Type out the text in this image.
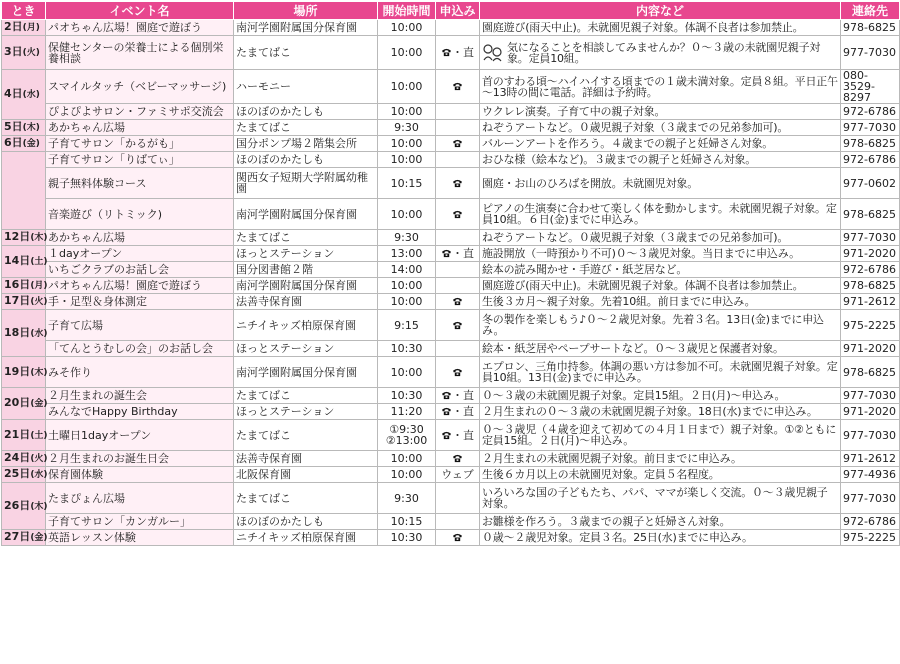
とき	イベント名	場所	開始時間	申込み	内容など	連絡先
2日(月)	パオちゃん広場！園庭で遊ぼう	南河学園附属国分保育園	10:00		園庭遊び(雨天中止)。未就園児親子対象。体調不良者は参加禁止。	978-6825
3日(火)	保健センターの栄養士による個別栄養相談	たまてばこ	10:00	・直	気になることを相談してみませんか？０～３歳の未就園児親子対象。定員10組。	977-7030
4日(水)	スマイルタッチ（ベビーマッサージ)	ハーモニー	10:00		首のすわる頃～ハイハイする頃までの１歳未満対象。定員８組。平日正午～13時の間に電話。詳細は予約時。	080-3529-8297
	ぴよぴよサロン・ファミサポ交流会	ほのぼのかたしも	10:00		ウクレレ演奏。子育て中の親子対象。	972-6786
5日(木)	あかちゃん広場	たまてばこ	9:30		ねぞうアートなど。０歳児親子対象（３歳までの兄弟参加可)。	977-7030
6日(金)	子育てサロン「かるがも」	国分ポンプ場２階集会所	10:00		バルーンアートを作ろう。４歳までの親子と妊婦さん対象。	978-6825
	子育てサロン「りばてぃ」	ほのぼのかたしも	10:00		おひな様（絵本など)。３歳までの親子と妊婦さん対象。	972-6786
	親子無料体験コース	関西女子短期大学附属幼稚園	10:15		園庭・お山のひろばを開放。未就園児対象。	977-0602
	音楽遊び（リトミック)	南河学園附属国分保育園	10:00		ピアノの生演奏に合わせて楽しく体を動かします。未就園児親子対象。定員10組。６日(金)までに申込み。	978-6825
12日(木)	あかちゃん広場	たまてばこ	9:30		ねぞうアートなど。０歳児親子対象（３歳までの兄弟参加可)。	977-7030
14日(土)	１dayオープン	ほっとステーション	13:00	・直	施設開放（一時預かり不可)０～３歳児対象。当日までに申込み。	971-2020
	いちごクラブのお話し会	国分図書館２階	14:00		絵本の読み聞かせ・手遊び・紙芝居など。	972-6786
16日(月)	パオちゃん広場！園庭で遊ぼう	南河学園附属国分保育園	10:00		園庭遊び(雨天中止)。未就園児親子対象。体調不良者は参加禁止。	978-6825
17日(火)	手・足型＆身体測定	法善寺保育園	10:00		生後３カ月～親子対象。先着10組。前日までに申込み。	971-2612
18日(水)	子育て広場	ニチイキッズ柏原保育園	9:15		冬の製作を楽しもう♪０～２歳児対象。先着３名。13日(金)までに申込み。	975-2225
	「てんとうむしの会」のお話し会	ほっとステーション	10:30		絵本・紙芝居やペープサートなど。０～３歳児と保護者対象。	971-2020
19日(木)	みそ作り	南河学園附属国分保育園	10:00		エプロン、三角巾持参。体調の悪い方は参加不可。未就園児親子対象。定員10組。13日(金)までに申込み。	978-6825
20日(金)	２月生まれの誕生会	たまてばこ	10:30	・直	０～３歳の未就園児親子対象。定員15組。２日(月)～申込み。	977-7030
	みんなでHappy Birthday	ほっとステーション	11:20	・直	２月生まれの０～３歳の未就園児親子対象。18日(水)までに申込み。	971-2020
21日(土)	土曜日1dayオープン	たまてばこ	①9:30 ②13:00	・直	０～３歳児（４歳を迎えて初めての４月１日まで）親子対象。①②ともに定員15組。２日(月)～申込み。	977-7030
24日(火)	２月生まれのお誕生日会	法善寺保育園	10:00		２月生まれの未就園児親子対象。前日までに申込み。	971-2612
25日(水)	保育園体験	北阪保育園	10:00	ウェブ	生後６カ月以上の未就園児対象。定員５名程度。	977-4936
26日(木)	たまぴょん広場	たまてばこ	9:30		いろいろな国の子どもたち、パパ、ママが楽しく交流。０～３歳児親子対象。	977-7030
	子育てサロン「カンガルー」	ほのぼのかたしも	10:15		お雛様を作ろう。３歳までの親子と妊婦さん対象。	972-6786
27日(金)	英語レッスン体験	ニチイキッズ柏原保育園	10:30		０歳～２歳児対象。定員３名。25日(水)までに申込み。	975-2225
